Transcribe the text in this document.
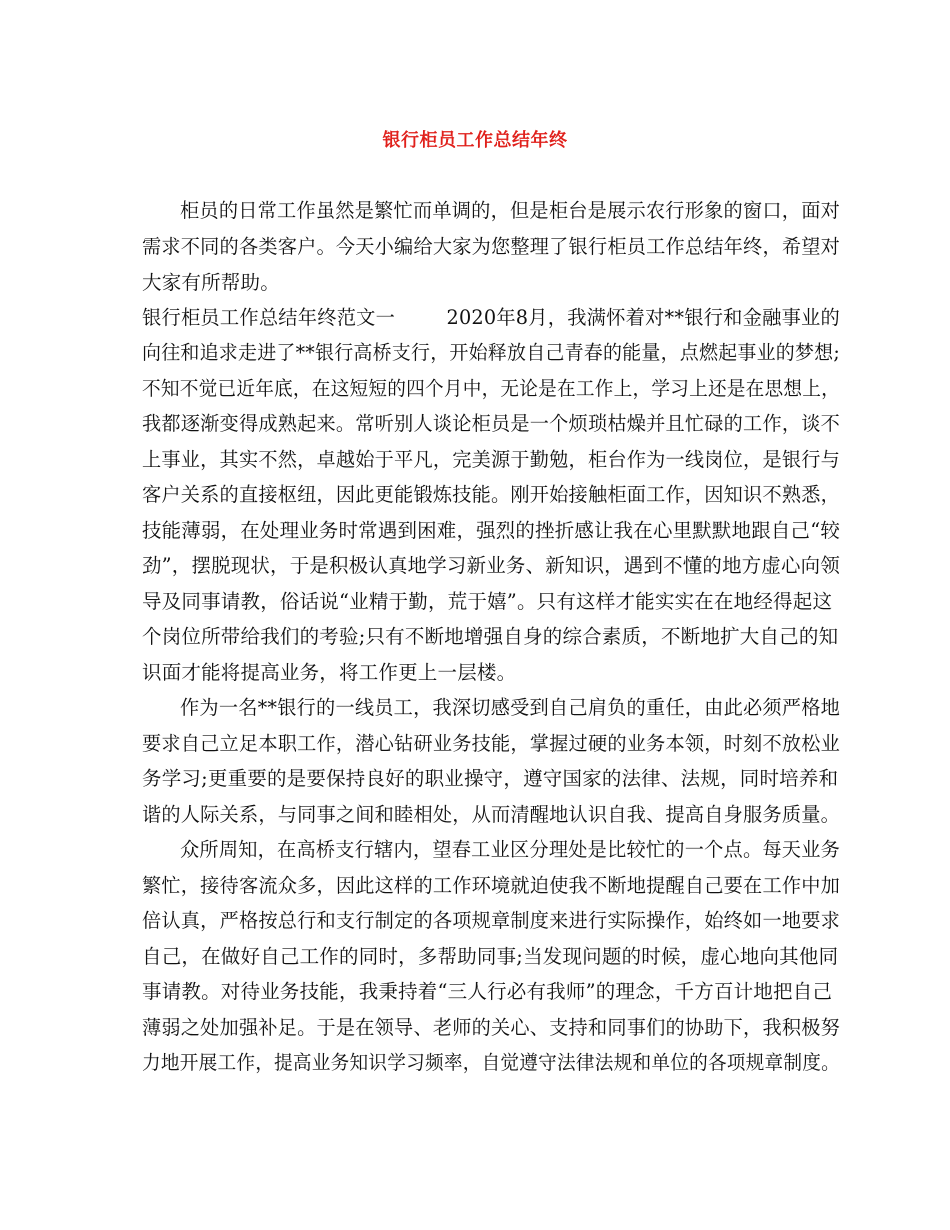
银行柜员工作总结年终

柜员的日常工作虽然是繁忙而单调的，但是柜台是展示农行形象的窗口，面对

需求不同的各类客户。今天小编给大家为您整理了银行柜员工作总结年终，希望对

大家有所帮助。

银行柜员工作总结年终范文一	2020年8月，我满怀着对**银行和金融事业的

向往和追求走进了**银行高桥支行，开始释放自己青春的能量，点燃起事业的梦想;

不知不觉已近年底，在这短短的四个月中，无论是在工作上，学习上还是在思想上，

我都逐渐变得成熟起来。常听别人谈论柜员是一个烦琐枯燥并且忙碌的工作，谈不

上事业，其实不然，卓越始于平凡，完美源于勤勉，柜台作为一线岗位，是银行与

客户关系的直接枢纽，因此更能锻炼技能。刚开始接触柜面工作，因知识不熟悉，

技能薄弱，在处理业务时常遇到困难，强烈的挫折感让我在心里默默地跟自己“较

劲”，摆脱现状，于是积极认真地学习新业务、新知识，遇到不懂的地方虚心向领

导及同事请教，俗话说“业精于勤，荒于嬉”。只有这样才能实实在在地经得起这

个岗位所带给我们的考验;只有不断地增强自身的综合素质，不断地扩大自己的知

识面才能将提高业务，将工作更上一层楼。

作为一名**银行的一线员工，我深切感受到自己肩负的重任，由此必须严格地

要求自己立足本职工作，潜心钻研业务技能，掌握过硬的业务本领，时刻不放松业

务学习;更重要的是要保持良好的职业操守，遵守国家的法律、法规，同时培养和

谐的人际关系，与同事之间和睦相处，从而清醒地认识自我、提高自身服务质量。

众所周知，在高桥支行辖内，望春工业区分理处是比较忙的一个点。每天业务

繁忙，接待客流众多，因此这样的工作环境就迫使我不断地提醒自己要在工作中加

倍认真，严格按总行和支行制定的各项规章制度来进行实际操作，始终如一地要求

自己，在做好自己工作的同时，多帮助同事;当发现问题的时候，虚心地向其他同

事请教。对待业务技能，我秉持着“三人行必有我师”的理念，千方百计地把自己

薄弱之处加强补足。于是在领导、老师的关心、支持和同事们的协助下，我积极努

力地开展工作，提高业务知识学习频率，自觉遵守法律法规和单位的各项规章制度。
